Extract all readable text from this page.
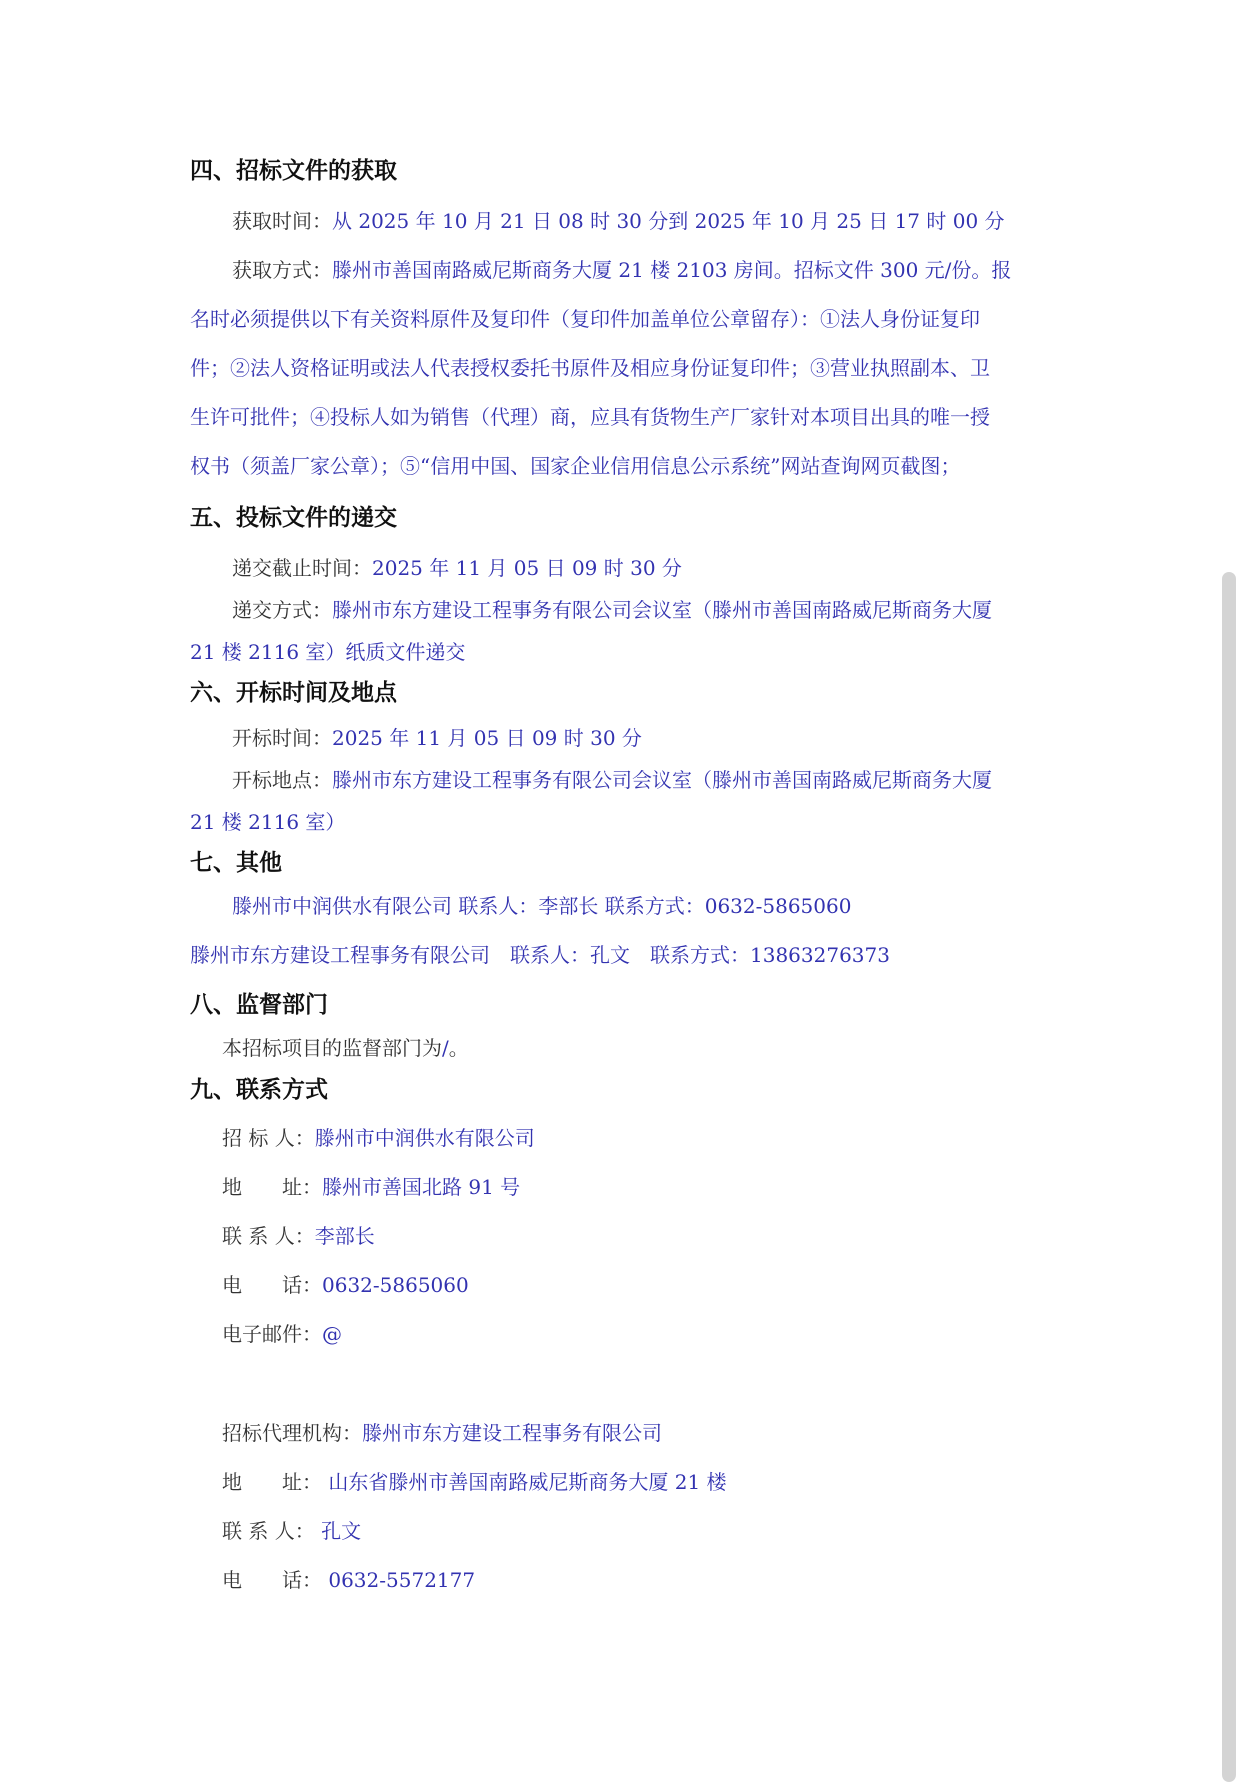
四、招标文件的获取
获取时间：从 2025 年 10 月 21 日 08 时 30 分到 2025 年 10 月 25 日 17 时 00 分
获取方式：滕州市善国南路威尼斯商务大厦 21 楼 2103 房间。招标文件 300 元/份。报
名时必须提供以下有关资料原件及复印件（复印件加盖单位公章留存）：①法人身份证复印
件；②法人资格证明或法人代表授权委托书原件及相应身份证复印件；③营业执照副本、卫
生许可批件；④投标人如为销售（代理）商，应具有货物生产厂家针对本项目出具的唯一授
权书（须盖厂家公章）；⑤“信用中国、国家企业信用信息公示系统”网站查询网页截图；
五、投标文件的递交
递交截止时间：2025 年 11 月 05 日 09 时 30 分
递交方式：滕州市东方建设工程事务有限公司会议室（滕州市善国南路威尼斯商务大厦
21 楼 2116 室）纸质文件递交
六、开标时间及地点
开标时间：2025 年 11 月 05 日 09 时 30 分
开标地点：滕州市东方建设工程事务有限公司会议室（滕州市善国南路威尼斯商务大厦
21 楼 2116 室）
七、其他
滕州市中润供水有限公司 联系人：李部长 联系方式：0632-5865060
滕州市东方建设工程事务有限公司　联系人：孔文　联系方式：13863276373
八、监督部门
本招标项目的监督部门为/。
九、联系方式
招 标 人：滕州市中润供水有限公司
地　　址：滕州市善国北路 91 号
联 系 人：李部长
电　　话：0632-5865060
电子邮件：@
招标代理机构：滕州市东方建设工程事务有限公司
地　　址： 山东省滕州市善国南路威尼斯商务大厦 21 楼
联 系 人： 孔文
电　　话： 0632-5572177
